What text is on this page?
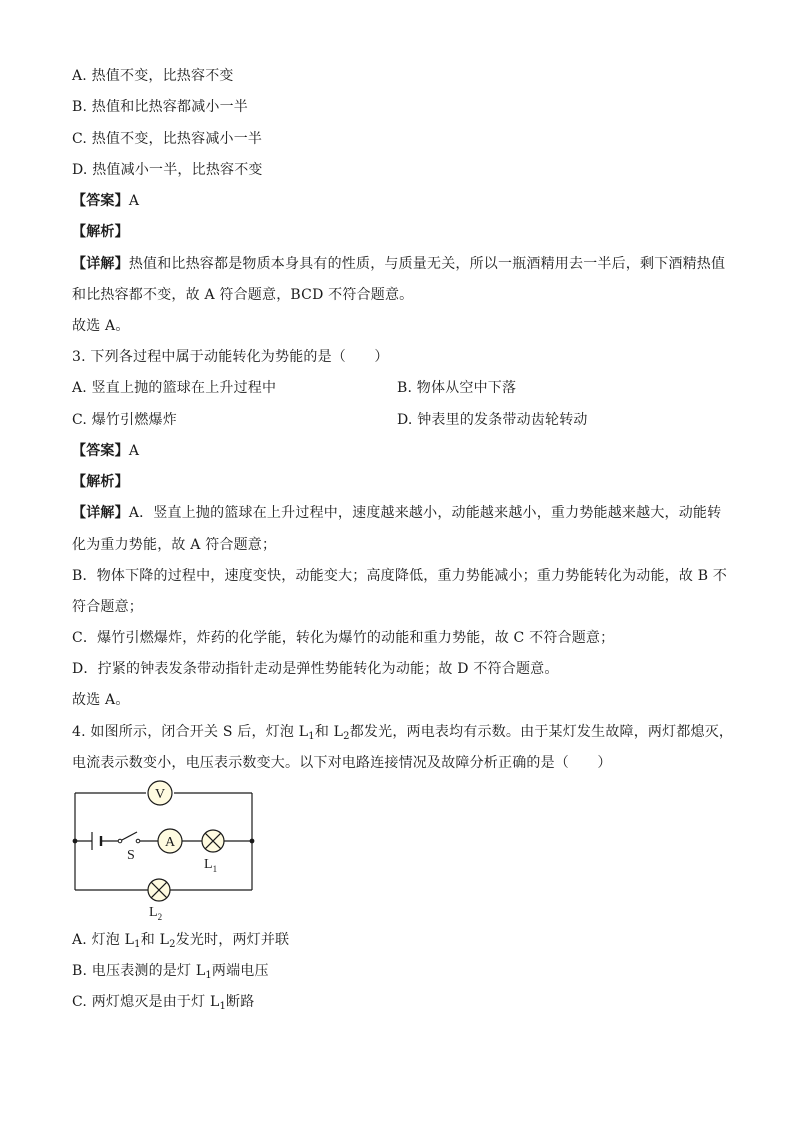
A. 热值不变，比热容不变
B. 热值和比热容都减小一半
C. 热值不变，比热容减小一半
D. 热值减小一半，比热容不变
【答案】A
【解析】
【详解】热值和比热容都是物质本身具有的性质，与质量无关，所以一瓶酒精用去一半后，剩下酒精热值
和比热容都不变，故 A 符合题意，BCD 不符合题意。
故选 A。
3. 下列各过程中属于动能转化为势能的是（　　）
A. 竖直上抛的篮球在上升过程中	B. 物体从空中下落
C. 爆竹引燃爆炸	D. 钟表里的发条带动齿轮转动
【答案】A
【解析】
【详解】A．竖直上抛的篮球在上升过程中，速度越来越小，动能越来越小，重力势能越来越大，动能转
化为重力势能，故 A 符合题意；
B．物体下降的过程中，速度变快，动能变大；高度降低，重力势能减小；重力势能转化为动能，故 B 不
符合题意；
C．爆竹引燃爆炸，炸药的化学能，转化为爆竹的动能和重力势能，故 C 不符合题意；
D．拧紧的钟表发条带动指针走动是弹性势能转化为动能；故 D 不符合题意。
故选 A。
4. 如图所示，闭合开关 S 后，灯泡 $L_1$和 $L_2$都发光，两电表均有示数。由于某灯发生故障，两灯都熄灭，
电流表示数变小，电压表示数变大。以下对电路连接情况及故障分析正确的是（　　）
V
A
S
$L_1$
$L_2$
A. 灯泡 $L_1$和 $L_2$发光时，两灯并联
B. 电压表测的是灯 $L_1$两端电压
C. 两灯熄灭是由于灯 $L_1$断路
